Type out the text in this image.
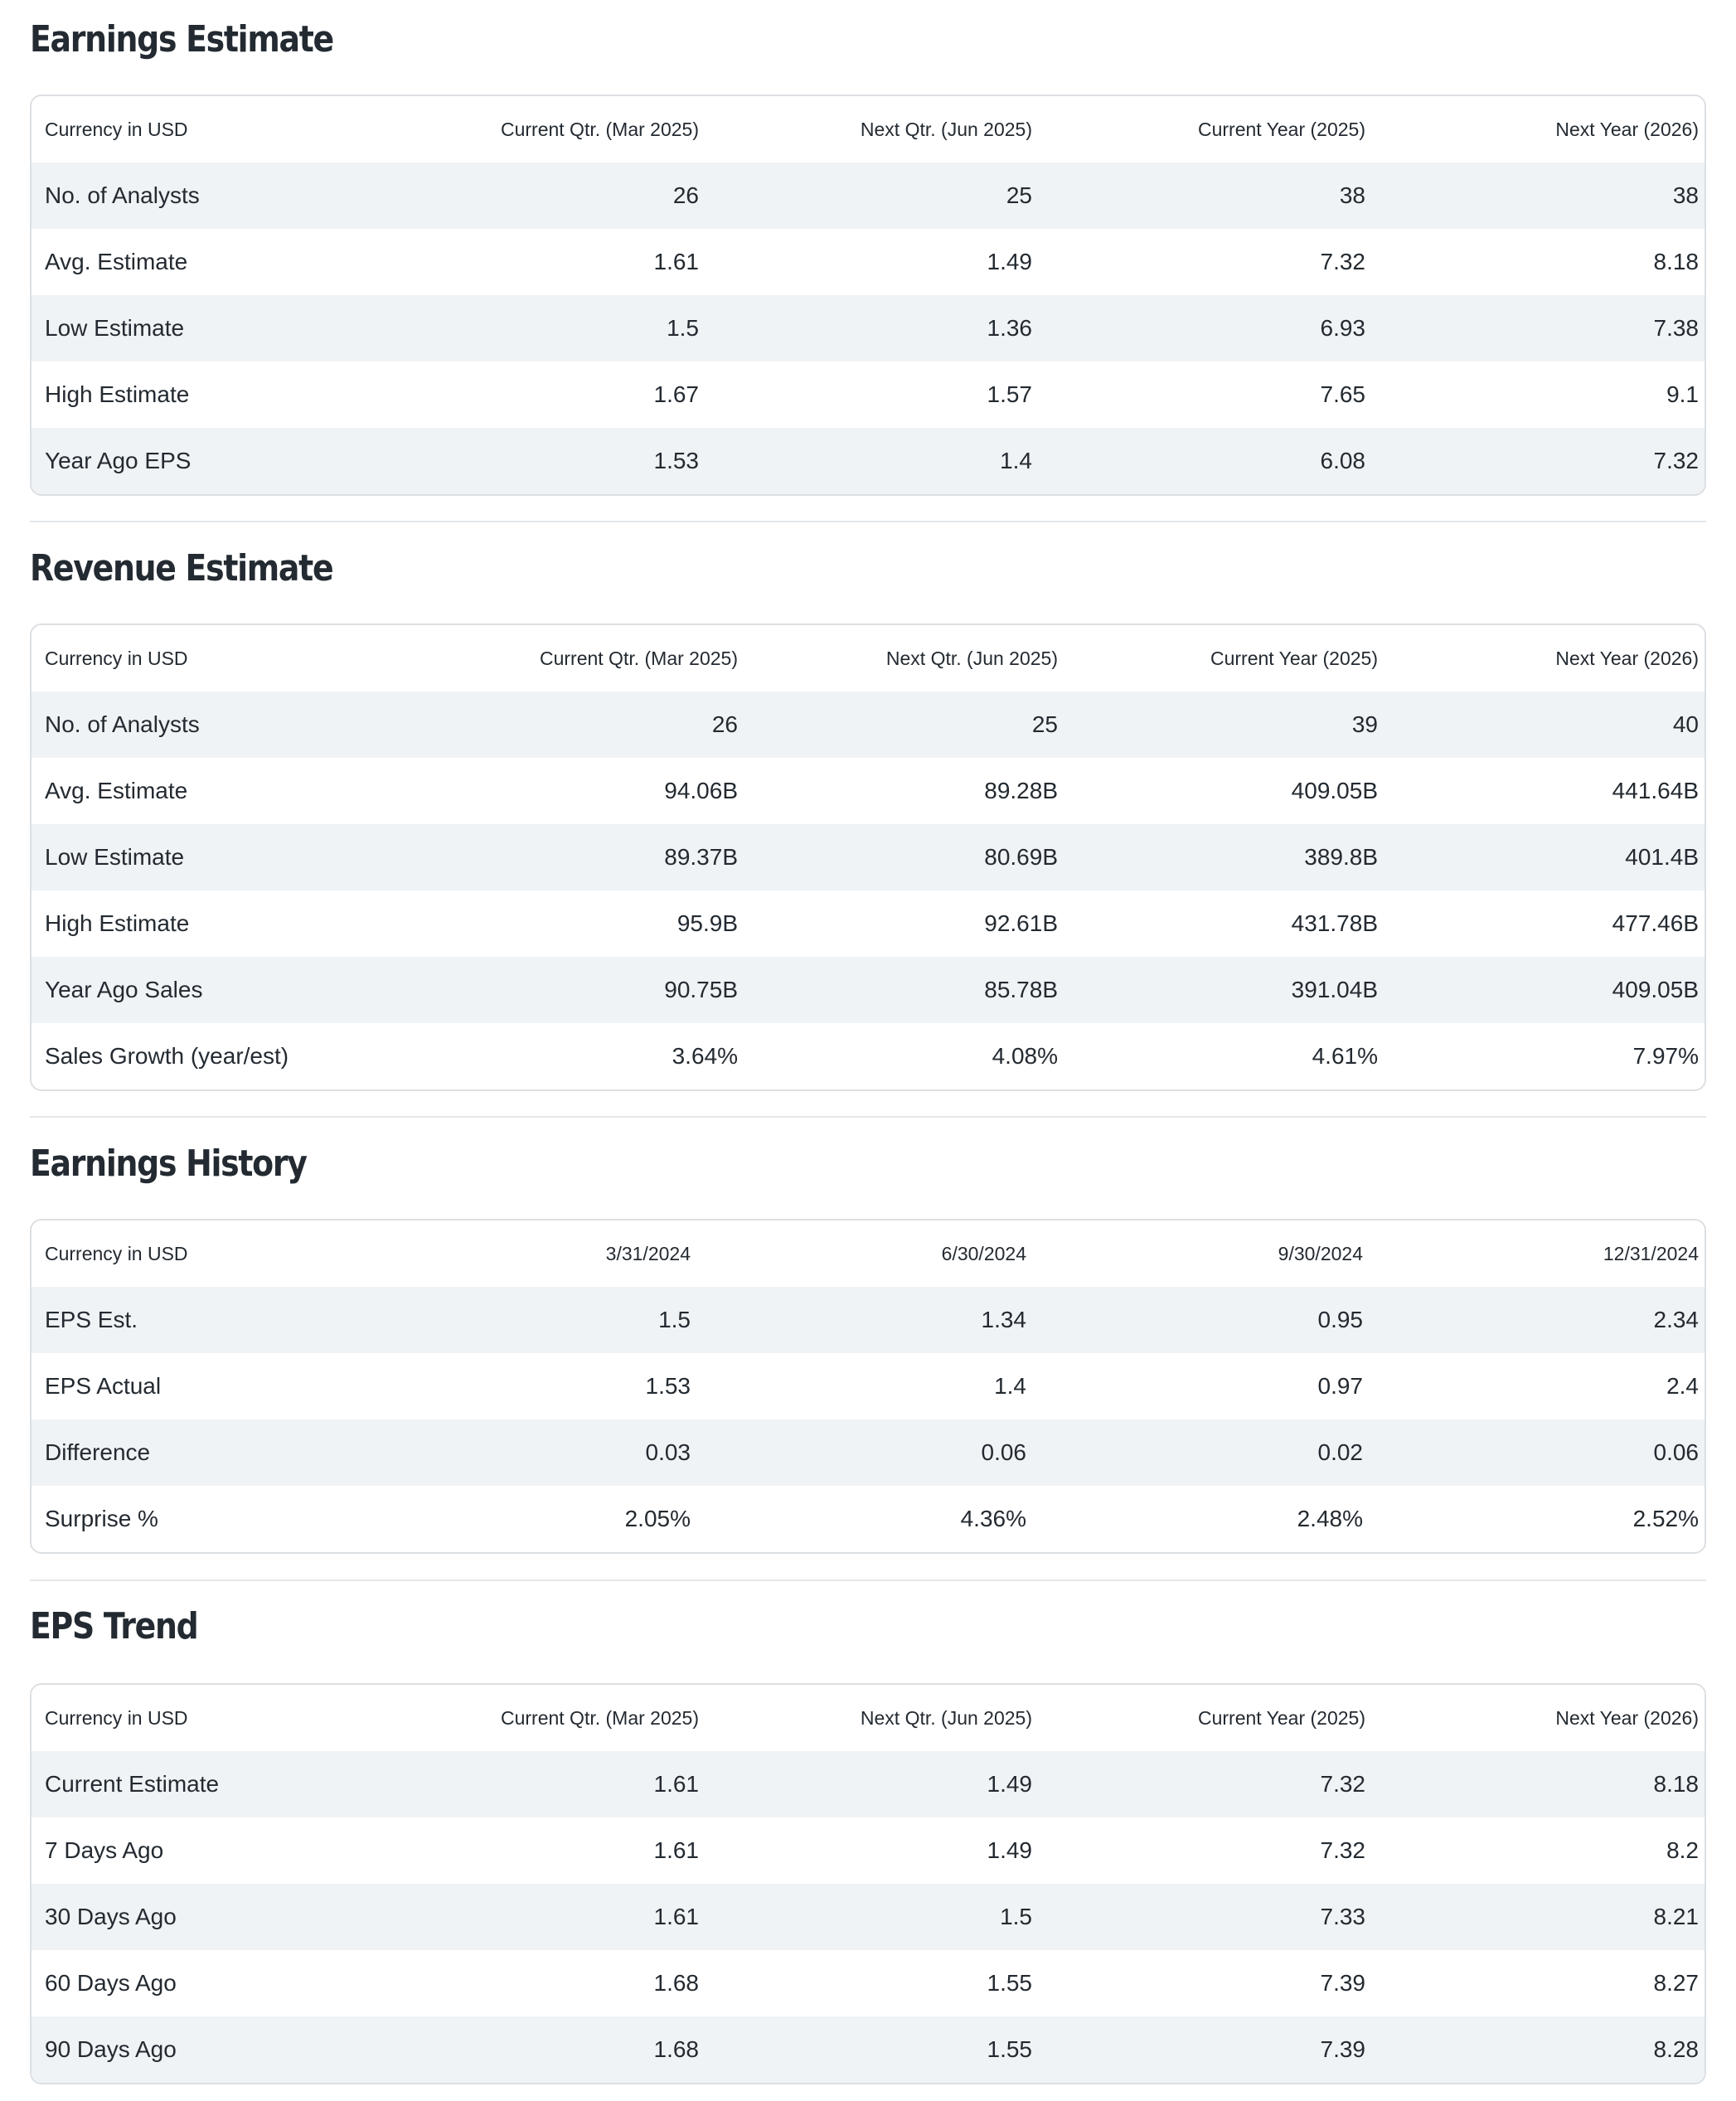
Earnings Estimate
Currency in USD	Current Qtr. (Mar 2025)	Next Qtr. (Jun 2025)	Current Year (2025)	Next Year (2026)
No. of Analysts	26	25	38	38
Avg. Estimate	1.61	1.49	7.32	8.18
Low Estimate	1.5	1.36	6.93	7.38
High Estimate	1.67	1.57	7.65	9.1
Year Ago EPS	1.53	1.4	6.08	7.32
Revenue Estimate
Currency in USD	Current Qtr. (Mar 2025)	Next Qtr. (Jun 2025)	Current Year (2025)	Next Year (2026)
No. of Analysts	26	25	39	40
Avg. Estimate	94.06B	89.28B	409.05B	441.64B
Low Estimate	89.37B	80.69B	389.8B	401.4B
High Estimate	95.9B	92.61B	431.78B	477.46B
Year Ago Sales	90.75B	85.78B	391.04B	409.05B
Sales Growth (year/est)	3.64%	4.08%	4.61%	7.97%
Earnings History
Currency in USD	3/31/2024	6/30/2024	9/30/2024	12/31/2024
EPS Est.	1.5	1.34	0.95	2.34
EPS Actual	1.53	1.4	0.97	2.4
Difference	0.03	0.06	0.02	0.06
Surprise %	2.05%	4.36%	2.48%	2.52%
EPS Trend
Currency in USD	Current Qtr. (Mar 2025)	Next Qtr. (Jun 2025)	Current Year (2025)	Next Year (2026)
Current Estimate	1.61	1.49	7.32	8.18
7 Days Ago	1.61	1.49	7.32	8.2
30 Days Ago	1.61	1.5	7.33	8.21
60 Days Ago	1.68	1.55	7.39	8.27
90 Days Ago	1.68	1.55	7.39	8.28
